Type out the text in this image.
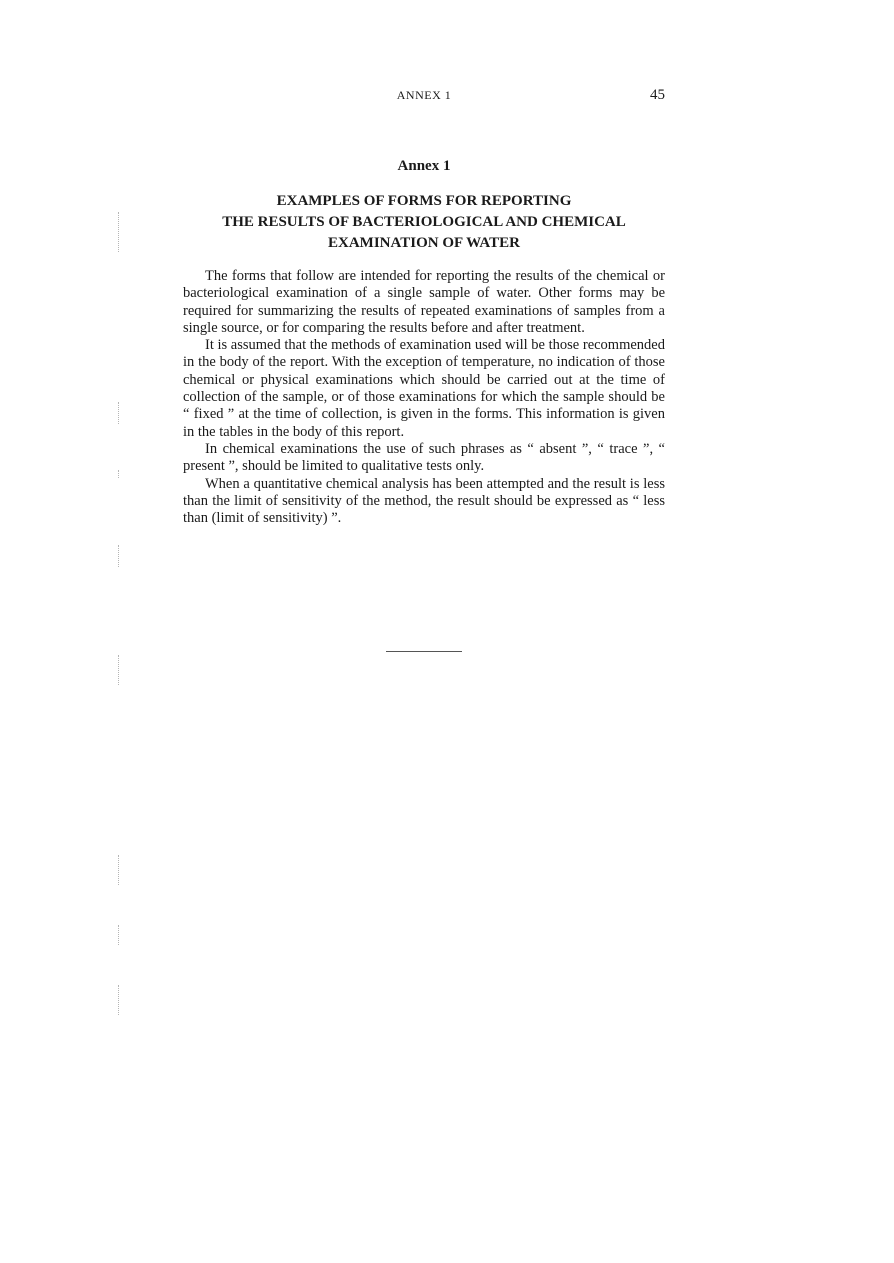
ANNEX 1	45
Annex 1
EXAMPLES OF FORMS FOR REPORTING
THE RESULTS OF BACTERIOLOGICAL AND CHEMICAL
EXAMINATION OF WATER

The forms that follow are intended for reporting the results of the chemical or bacteriological examination of a single sample of water. Other forms may be required for summarizing the results of repeated examinations of samples from a single source, or for comparing the results before and after treatment.

It is assumed that the methods of examination used will be those recommended in the body of the report. With the exception of temperature, no indication of those chemical or physical examinations which should be carried out at the time of collection of the sample, or of those examinations for which the sample should be “ fixed ” at the time of collection, is given in the forms. This information is given in the tables in the body of this report.

In chemical examinations the use of such phrases as “ absent ”, “ trace ”, “ present ”, should be limited to qualitative tests only.

When a quantitative chemical analysis has been attempted and the result is less than the limit of sensitivity of the method, the result should be expressed as “ less than (limit of sensitivity) ”.
